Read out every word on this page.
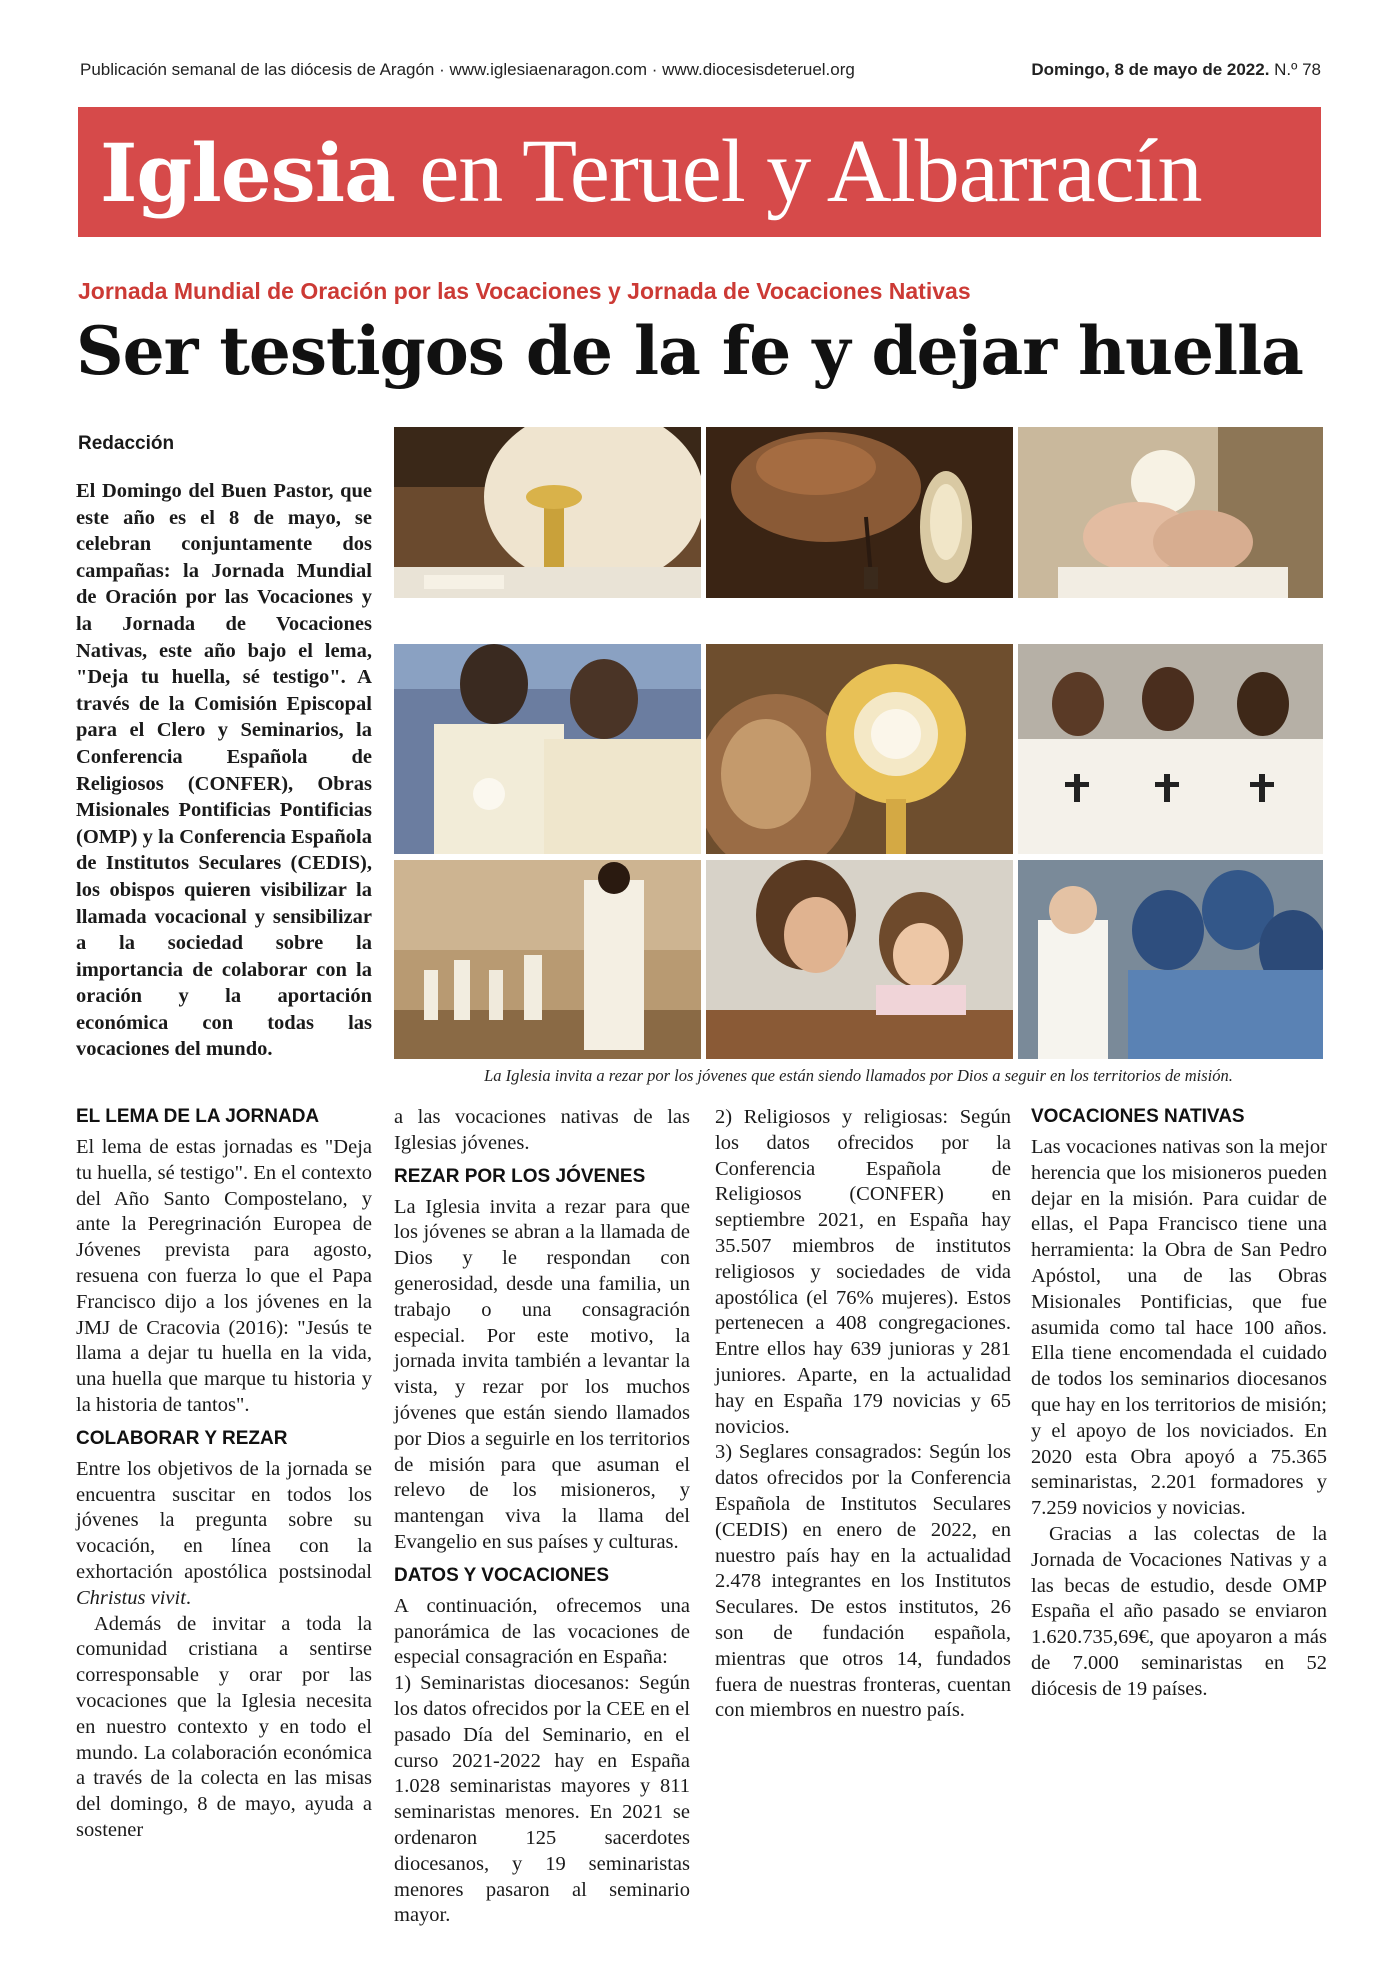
Publicación semanal de las diócesis de Aragón · www.iglesiaenaragon.com · www.diocesisdeteruel.org	Domingo, 8 de mayo de 2022. N.º 78
Iglesia en Teruel y Albarracín
Jornada Mundial de Oración por las Vocaciones y Jornada de Vocaciones Nativas
Ser testigos de la fe y dejar huella
Redacción
El Domingo del Buen Pastor, que este año es el 8 de mayo, se celebran conjuntamente dos campañas: la Jornada Mundial de Oración por las Vocaciones y la Jornada de Vocaciones Nativas, este año bajo el lema, "Deja tu huella, sé testigo". A través de la Comisión Episcopal para el Clero y Seminarios, la Conferencia Española de Religiosos (CONFER), Obras Misionales Pontificias Pontificias (OMP) y la Conferencia Española de Institutos Seculares (CEDIS), los obispos quieren visibilizar la llamada vocacional y sensibilizar a la sociedad sobre la importancia de colaborar con la oración y la aportación económica con todas las vocaciones del mundo.
La Iglesia invita a rezar por los jóvenes que están siendo llamados por Dios a seguir en los territorios de misión.
EL LEMA DE LA JORNADA

El lema de estas jornadas es "Deja tu huella, sé testigo". En el contexto del Año Santo Compostelano, y ante la Peregrinación Europea de Jóvenes prevista para agosto, resuena con fuerza lo que el Papa Francisco dijo a los jóvenes en la JMJ de Cracovia (2016): "Jesús te llama a dejar tu huella en la vida, una huella que marque tu historia y la historia de tantos".

COLABORAR Y REZAR

Entre los objetivos de la jornada se encuentra suscitar en todos los jóvenes la pregunta sobre su vocación, en línea con la exhortación apostólica postsinodal Christus vivit.

Además de invitar a toda la comunidad cristiana a sentirse corresponsable y orar por las vocaciones que la Iglesia necesita en nuestro contexto y en todo el mundo. La colaboración económica a través de la colecta en las misas del domingo, 8 de mayo, ayuda a sostener

a las vocaciones nativas de las Iglesias jóvenes.

REZAR POR LOS JÓVENES

La Iglesia invita a rezar para que los jóvenes se abran a la llamada de Dios y le respondan con generosidad, desde una familia, un trabajo o una consagración especial. Por este motivo, la jornada invita también a levantar la vista, y rezar por los muchos jóvenes que están siendo llamados por Dios a seguirle en los territorios de misión para que asuman el relevo de los misioneros, y mantengan viva la llama del Evangelio en sus países y culturas.

DATOS Y VOCACIONES

A continuación, ofrecemos una panorámica de las vocaciones de especial consagración en España:

1) Seminaristas diocesanos: Según los datos ofrecidos por la CEE en el pasado Día del Seminario, en el curso 2021-2022 hay en España 1.028 seminaristas mayores y 811 seminaristas menores. En 2021 se ordenaron 125 sacerdotes diocesanos, y 19 seminaristas menores pasaron al seminario mayor.

2) Religiosos y religiosas: Según los datos ofrecidos por la Conferencia Española de Religiosos (CONFER) en septiembre 2021, en España hay 35.507 miembros de institutos religiosos y sociedades de vida apostólica (el 76% mujeres). Estos pertenecen a 408 congregaciones. Entre ellos hay 639 junioras y 281 juniores. Aparte, en la actualidad hay en España 179 novicias y 65 novicios.

3) Seglares consagrados: Según los datos ofrecidos por la Conferencia Española de Institutos Seculares (CEDIS) en enero de 2022, en nuestro país hay en la actualidad 2.478 integrantes en los Institutos Seculares. De estos institutos, 26 son de fundación española, mientras que otros 14, fundados fuera de nuestras fronteras, cuentan con miembros en nuestro país.

VOCACIONES NATIVAS

Las vocaciones nativas son la mejor herencia que los misioneros pueden dejar en la misión. Para cuidar de ellas, el Papa Francisco tiene una herramienta: la Obra de San Pedro Apóstol, una de las Obras Misionales Pontificias, que fue asumida como tal hace 100 años. Ella tiene encomendada el cuidado de todos los seminarios diocesanos que hay en los territorios de misión; y el apoyo de los noviciados. En 2020 esta Obra apoyó a 75.365 seminaristas, 2.201 formadores y 7.259 novicios y novicias.

Gracias a las colectas de la Jornada de Vocaciones Nativas y a las becas de estudio, desde OMP España el año pasado se enviaron 1.620.735,69€, que apoyaron a más de 7.000 seminaristas en 52 diócesis de 19 países.
